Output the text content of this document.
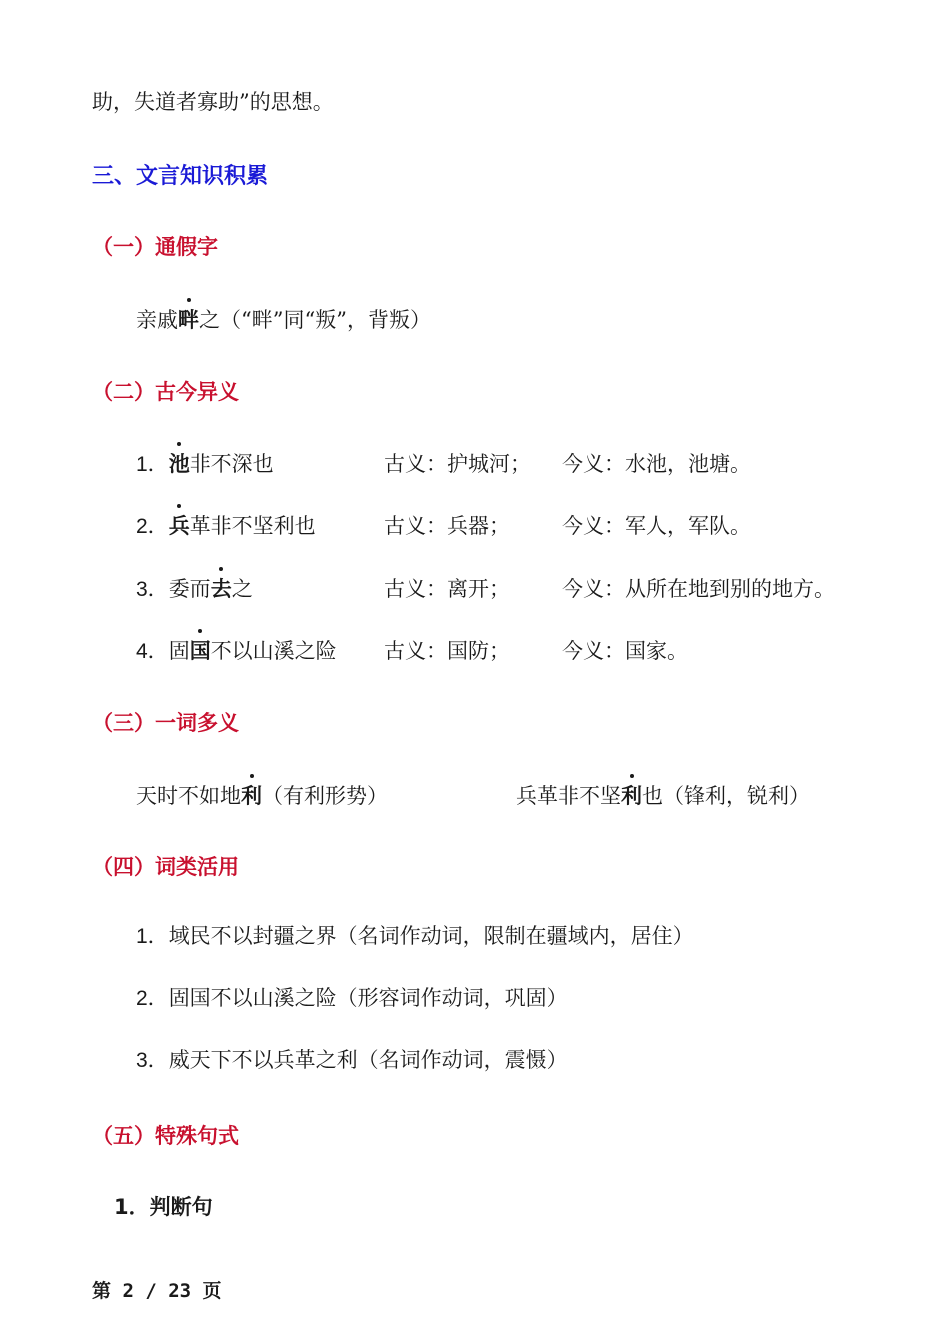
助，失道者寡助”的思想。
三、文言知识积累
（一）通假字
亲戚畔之（“畔”同“叛”，背叛）
（二）古今异义
1．池非不深也	古义：护城河； 今义：水池，池塘。
2．兵革非不坚利也	古义：兵器； 今义：军人，军队。
3．委而去之	古义：离开； 今义：从所在地到别的地方。
4．固国不以山溪之险 古义：国防； 今义：国家。
（三）一词多义
天时不如地利（有利形势）	兵革非不坚利也（锋利，锐利）
（四）词类活用
1．域民不以封疆之界（名词作动词，限制在疆域内，居住）
2．固国不以山溪之险（形容词作动词，巩固）
3．威天下不以兵革之利（名词作动词，震慑）
（五）特殊句式
1．判断句
第 2 / 23 页
